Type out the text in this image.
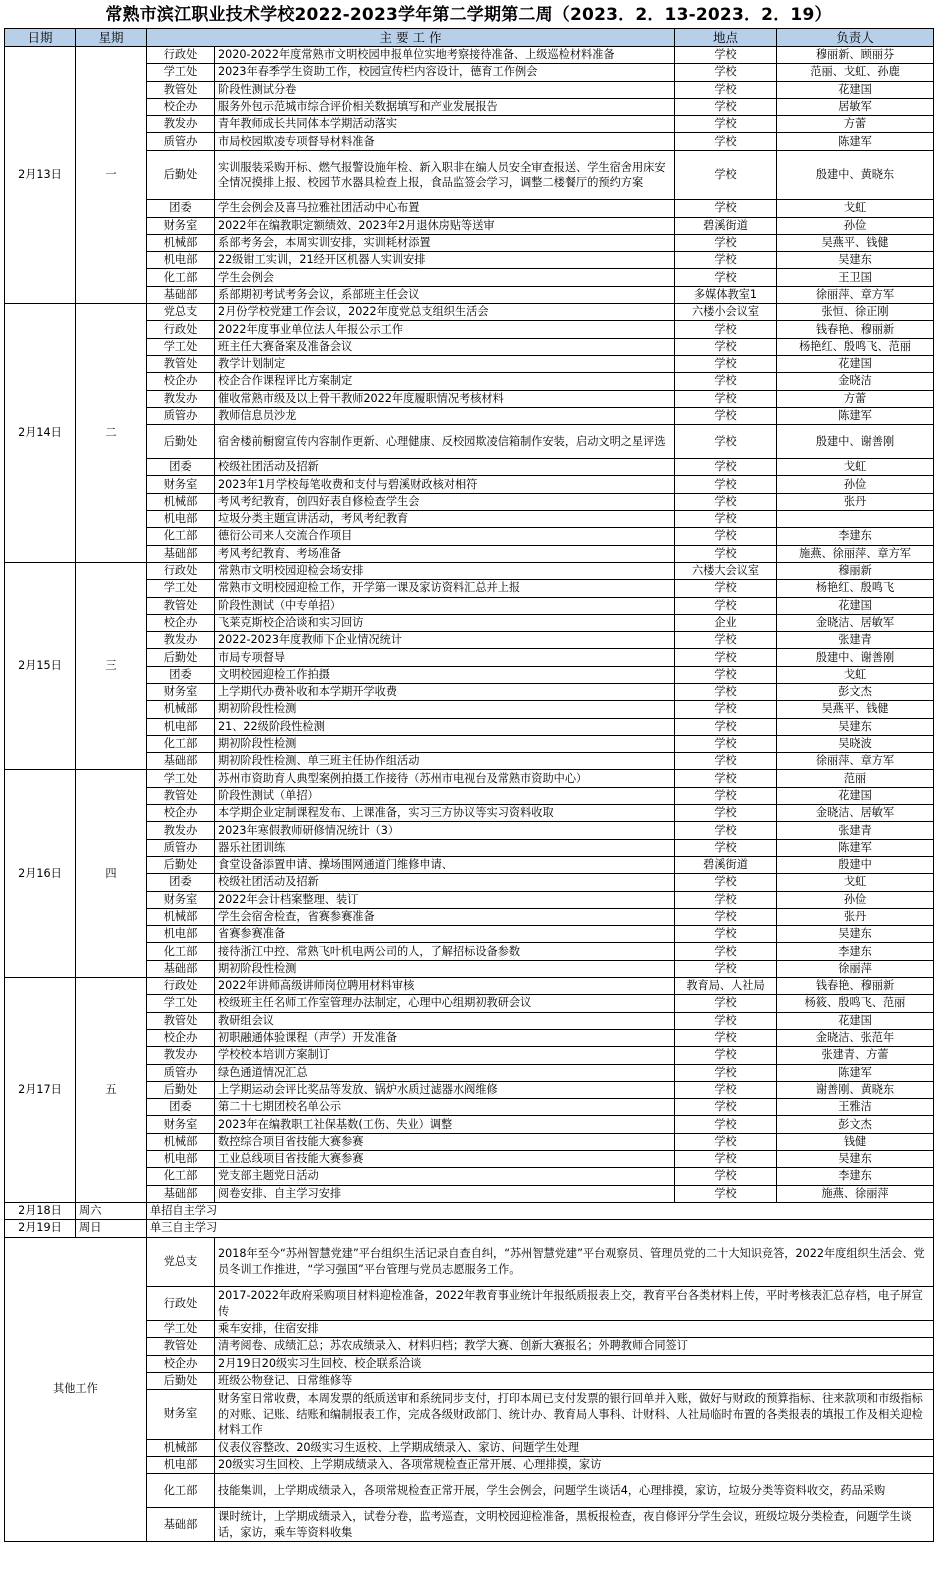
常熟市滨江职业技术学校2022-2023学年第二学期第二周（2023．2．13-2023．2．19）
日期	星期	主 要 工 作		地点	负责人
2月13日	一	行政处	2020-2022年度常熟市文明校园申报单位实地考察接待准备、上级巡检材料准备	学校	穆丽新、顾丽芬
		学工处	2023年春季学生资助工作，校园宣传栏内容设计，德育工作例会	学校	范丽、戈虹、孙鹿
		教管处	阶段性测试分卷	学校	花建国
		校企办	服务外包示范城市综合评价相关数据填写和产业发展报告	学校	居敏军
		教发办	青年教师成长共同体本学期活动落实	学校	方蕾
		质管办	市局校园欺凌专项督导材料准备	学校	陈建军
		后勤处	实训服装采购开标、燃气报警设施年检、新入职非在编人员安全审查报送、学生宿舍用床安全情况摸排上报、校园节水器具检查上报，食品监签会学习，调整二楼餐厅的预约方案	学校	殷建中、黄晓东
		团委	学生会例会及喜马拉雅社团活动中心布置	学校	戈虹
		财务室	2022年在编教职定额绩效、2023年2月退休房贴等送审	碧溪街道	孙俭
		机械部	系部考务会，本周实训安排，实训耗材添置	学校	吴燕平、钱健
		机电部	22级钳工实训，21经开区机器人实训安排	学校	吴建东
		化工部	学生会例会	学校	王卫国
		基础部	系部期初考试考务会议，系部班主任会议	多媒体教室1	徐丽萍、章方军
2月14日	二	党总支	2月份学校党建工作会议，2022年度党总支组织生活会	六楼小会议室	张恒、徐正刚
		行政处	2022年度事业单位法人年报公示工作	学校	钱春艳、穆丽新
		学工处	班主任大赛备案及准备会议	学校	杨艳红、殷鸣飞、范丽
		教管处	教学计划制定	学校	花建国
		校企办	校企合作课程评比方案制定	学校	金晓洁
		教发办	催收常熟市级及以上骨干教师2022年度履职情况考核材料	学校	方蕾
		质管办	教师信息员沙龙	学校	陈建军
		后勤处	宿舍楼前橱窗宣传内容制作更新、心理健康、反校园欺凌信箱制作安装，启动文明之星评选	学校	殷建中、谢善刚
		团委	校级社团活动及招新	学校	戈虹
		财务室	2023年1月学校每笔收费和支付与碧溪财政核对相符	学校	孙俭
		机械部	考风考纪教育，创四好表自修检查学生会	学校	张丹
		机电部	垃圾分类主题宣讲活动，考风考纪教育	学校	
		化工部	德衍公司来人交流合作项目	学校	李建东
		基础部	考风考纪教育、考场准备	学校	施燕、徐丽萍、章方军
2月15日	三	行政处	常熟市文明校园迎检会场安排	六楼大会议室	穆丽新
		学工处	常熟市文明校园迎检工作，开学第一课及家访资料汇总并上报	学校	杨艳红、殷鸣飞
		教管处	阶段性测试（中专单招）	学校	花建国
		校企办	飞莱克斯校企洽谈和实习回访	企业	金晓洁、居敏军
		教发办	2022-2023年度教师下企业情况统计	学校	张建青
		后勤处	市局专项督导	学校	殷建中、谢善刚
		团委	文明校园迎检工作拍摄	学校	戈虹
		财务室	上学期代办费补收和本学期开学收费	学校	彭文杰
		机械部	期初阶段性检测	学校	吴燕平、钱健
		机电部	21、22级阶段性检测	学校	吴建东
		化工部	期初阶段性检测	学校	吴晓波
		基础部	期初阶段性检测、单三班主任协作组活动	学校	徐丽萍、章方军
2月16日	四	学工处	苏州市资助育人典型案例拍摄工作接待（苏州市电视台及常熟市资助中心）	学校	范丽
		教管处	阶段性测试（单招）	学校	花建国
		校企办	本学期企业定制课程发布、上课准备，实习三方协议等实习资料收取	学校	金晓洁、居敏军
		教发办	2023年寒假教师研修情况统计（3）	学校	张建青
		质管办	器乐社团训练	学校	陈建军
		后勤处	食堂设备添置申请、操场围网通道门维修申请、	碧溪街道	殷建中
		团委	校级社团活动及招新	学校	戈虹
		财务室	2022年会计档案整理、装订	学校	孙俭
		机械部	学生会宿舍检查，省赛参赛准备	学校	张丹
		机电部	省赛参赛准备	学校	吴建东
		化工部	接待浙江中控、常熟飞叶机电两公司的人，了解招标设备参数	学校	李建东
		基础部	期初阶段性检测	学校	徐丽萍
2月17日	五	行政处	2022年讲师高级讲师岗位聘用材料审核	教育局、人社局	钱春艳、穆丽新
		学工处	校级班主任名师工作室管理办法制定，心理中心组期初教研会议	学校	杨筱、殷鸣飞、范丽
		教管处	教研组会议	学校	花建国
		校企办	初职融通体验课程（声学）开发准备	学校	金晓洁、张范年
		教发办	学校校本培训方案制订	学校	张建青、方蕾
		质管办	绿色通道情况汇总	学校	陈建军
		后勤处	上学期运动会评比奖品等发放、锅炉水质过滤器水阀维修	学校	谢善刚、黄晓东
		团委	第二十七期团校名单公示	学校	王雅洁
		财务室	2023年在编教职工社保基数(工伤、失业）调整	学校	彭文杰
		机械部	数控综合项目省技能大赛参赛	学校	钱健
		机电部	工业总线项目省技能大赛参赛	学校	吴建东
		化工部	党支部主题党日活动	学校	李建东
		基础部	阅卷安排、自主学习安排	学校	施燕、徐丽萍
2月18日	周六	单招自主学习			
2月19日	周日	单三自主学习			
其他工作		党总支	2018年至今“苏州智慧党建”平台组织生活记录自查自纠，“苏州智慧党建”平台观察员、管理员党的二十大知识竞答，2022年度组织生活会、党员冬训工作推进，“学习强国”平台管理与党员志愿服务工作。		
		行政处	2017-2022年政府采购项目材料迎检准备，2022年教育事业统计年报纸质报表上交，教育平台各类材料上传，平时考核表汇总存档，电子屏宣传		
		学工处	乘车安排，住宿安排		
		教管处	清考阅卷、成绩汇总；苏农成绩录入、材料归档；教学大赛、创新大赛报名；外聘教师合同签订		
		校企办	2月19日20级实习生回校、校企联系洽谈		
		后勤处	班级公物登记、日常维修等		
		财务室	财务室日常收费，本周发票的纸质送审和系统同步支付，打印本周已支付发票的银行回单并入账，做好与财政的预算指标、往来款项和市级指标的对账、记账、结账和编制报表工作，完成各级财政部门、统计办、教育局人事科、计财科、人社局临时布置的各类报表的填报工作及相关迎检材料工作		
		机械部	仪表仪容整改、20级实习生返校、上学期成绩录入、家访、问题学生处理		
		机电部	20级实习生回校、上学期成绩录入、各项常规检查正常开展、心理排摸，家访		
		化工部	技能集训，上学期成绩录入，各项常规检查正常开展，学生会例会，问题学生谈话4，心理排摸，家访，垃圾分类等资料收交，药品采购		
		基础部	课时统计，上学期成绩录入，试卷分卷，监考巡查，文明校园迎检准备，黑板报检查，夜自修评分学生会议，班级垃圾分类检查，问题学生谈话，家访，乘车等资料收集		
